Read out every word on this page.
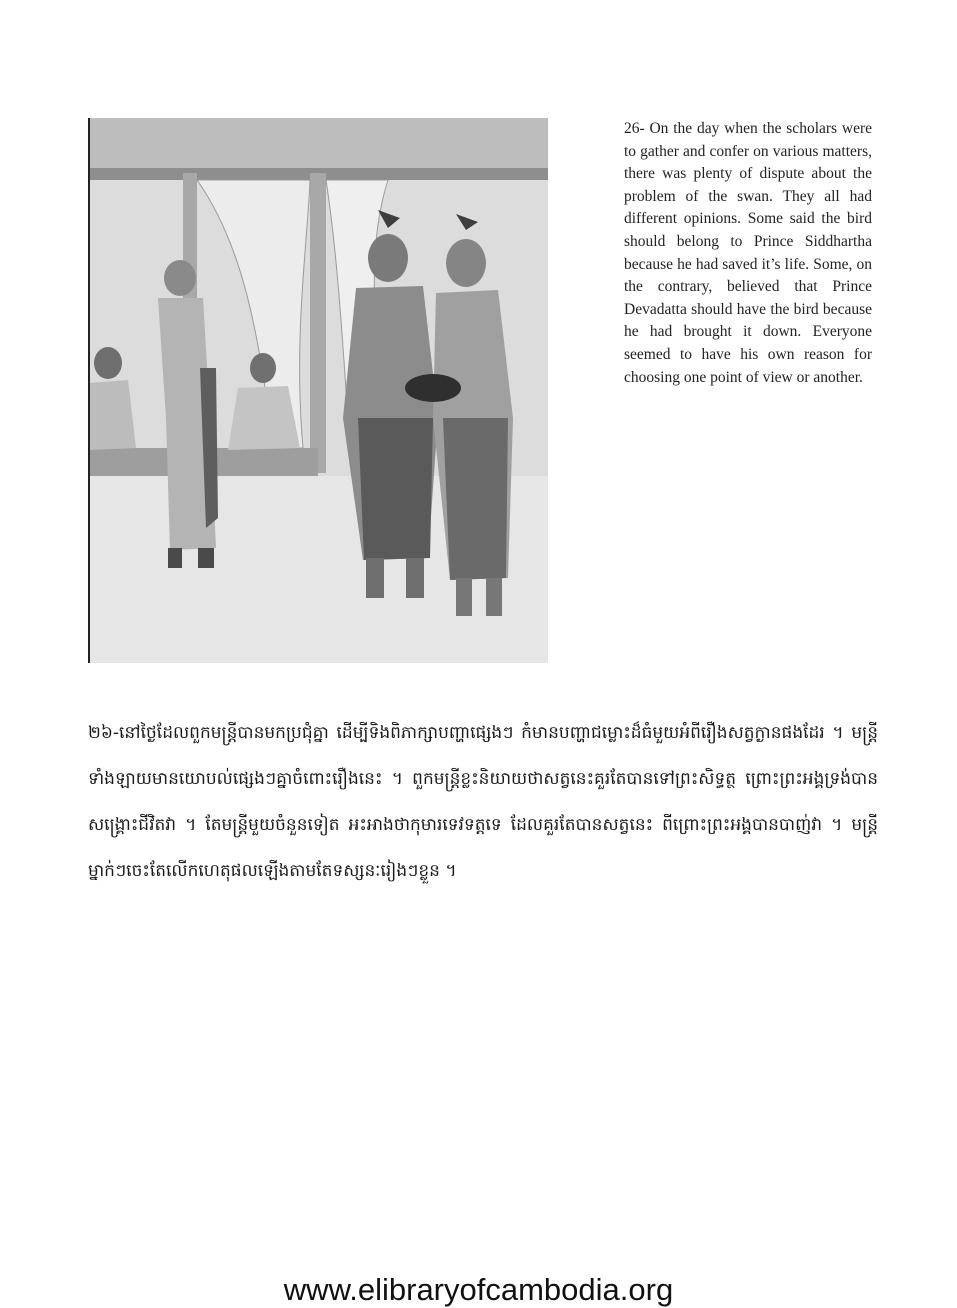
26- On the day when the scholars were to gather and confer on various matters, there was plenty of dispute about the problem of the swan. They all had different opinions. Some said the bird should belong to Prince Siddhartha because he had saved it’s life. Some, on the contrary, believed that Prince Devadatta should have the bird because he had brought it down. Everyone seemed to have his own reason for choosing one point of view or another.
២៦-នៅថ្ងៃដែលពួកមន្ត្រីបានមកប្រជុំគ្នា ដើម្បីទិងពិភាក្សាបញ្ហាផ្សេងៗ កំមានបញ្ហាជម្លោះដ៏ធំមួយអំពីរឿងសត្វក្ងានផងដែរ ។ មន្ត្រីទាំងឡាយមានយោបល់ផ្សេងៗគ្នាចំពោះរឿងនេះ ។ ពួកមន្ត្រីខ្លះនិយាយថាសត្វនេះគួរតែបានទៅព្រះសិទ្ធត្ថ ព្រោះព្រះអង្គទ្រង់បានសង្គ្រោះជីវិតវា ។ តែមន្ត្រីមួយចំនួនទៀត អះអាងថាកុមារទេវទត្តទេ ដែលគួរតែបានសត្វនេះ ពីព្រោះព្រះអង្គបានបាញ់វា ។ មន្ត្រីម្នាក់ៗចេះតែលើកហេតុផលឡើងតាមតែទស្សនៈរៀងៗខ្លួន ។
www.elibraryofcambodia.org
